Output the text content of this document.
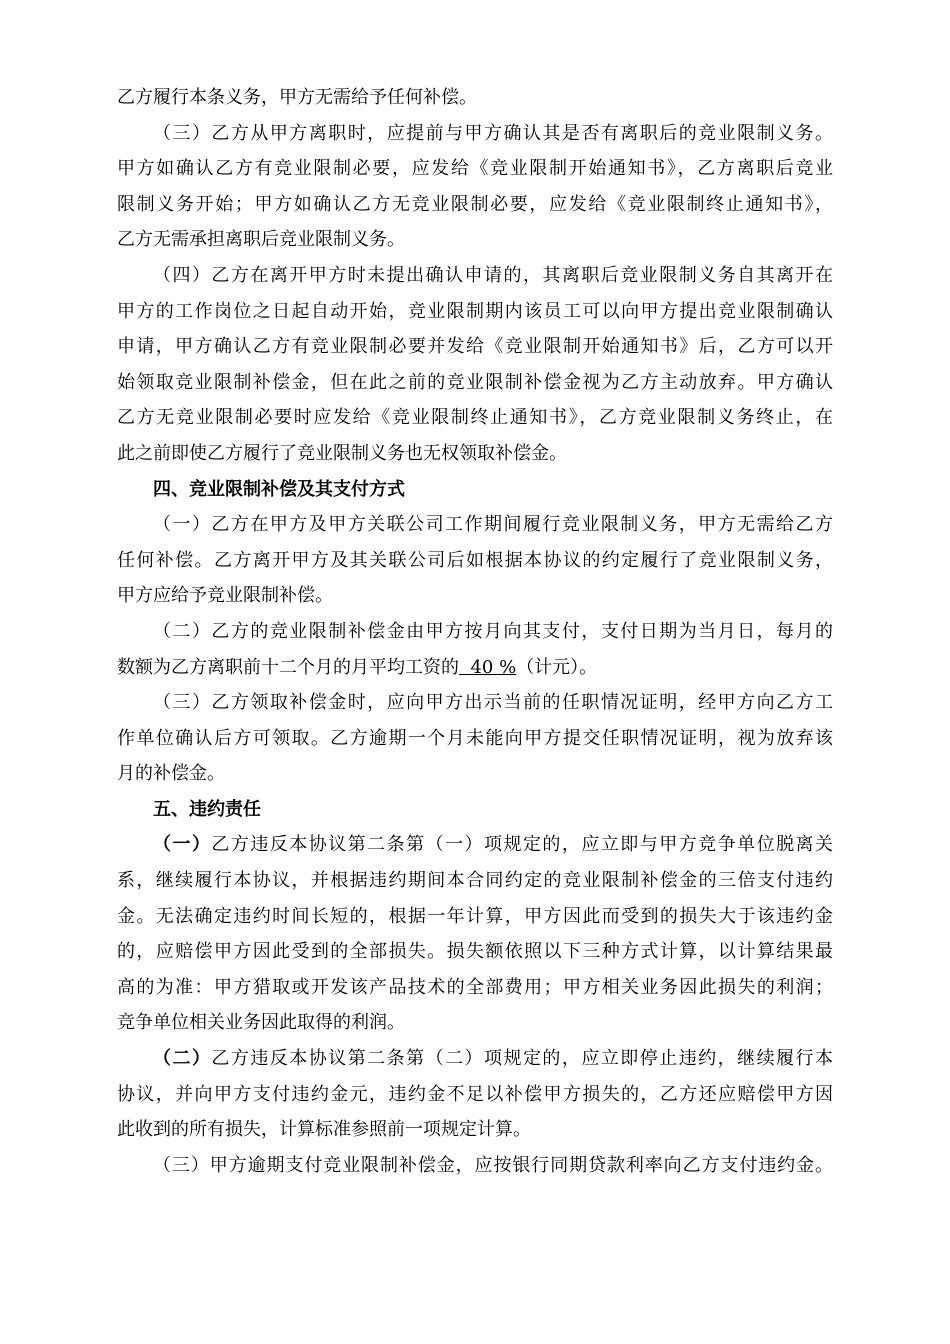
乙方履行本条义务，甲方无需给予任何补偿。
（三）乙方从甲方离职时，应提前与甲方确认其是否有离职后的竞业限制义务。
甲方如确认乙方有竞业限制必要，应发给《竞业限制开始通知书》，乙方离职后竞业
限制义务开始；甲方如确认乙方无竞业限制必要，应发给《竞业限制终止通知书》，
乙方无需承担离职后竞业限制义务。
（四）乙方在离开甲方时未提出确认申请的，其离职后竞业限制义务自其离开在
甲方的工作岗位之日起自动开始，竞业限制期内该员工可以向甲方提出竞业限制确认
申请，甲方确认乙方有竞业限制必要并发给《竞业限制开始通知书》后，乙方可以开
始领取竞业限制补偿金，但在此之前的竞业限制补偿金视为乙方主动放弃。甲方确认
乙方无竞业限制必要时应发给《竞业限制终止通知书》，乙方竞业限制义务终止，在
此之前即使乙方履行了竞业限制义务也无权领取补偿金。
四、竞业限制补偿及其支付方式
（一）乙方在甲方及甲方关联公司工作期间履行竞业限制义务，甲方无需给乙方
任何补偿。乙方离开甲方及其关联公司后如根据本协议的约定履行了竞业限制义务，
甲方应给予竞业限制补偿。
（二）乙方的竞业限制补偿金由甲方按月向其支付，支付日期为当月日，每月的
数额为乙方离职前十二个月的月平均工资的  40 %（计元）。
（三）乙方领取补偿金时，应向甲方出示当前的任职情况证明，经甲方向乙方工
作单位确认后方可领取。乙方逾期一个月未能向甲方提交任职情况证明，视为放弃该
月的补偿金。
五、违约责任
（一）乙方违反本协议第二条第（一）项规定的，应立即与甲方竞争单位脱离关
系，继续履行本协议，并根据违约期间本合同约定的竞业限制补偿金的三倍支付违约
金。无法确定违约时间长短的，根据一年计算，甲方因此而受到的损失大于该违约金
的，应赔偿甲方因此受到的全部损失。损失额依照以下三种方式计算，以计算结果最
高的为准：甲方猎取或开发该产品技术的全部费用；甲方相关业务因此损失的利润；
竞争单位相关业务因此取得的利润。
（二）乙方违反本协议第二条第（二）项规定的，应立即停止违约，继续履行本
协议，并向甲方支付违约金元，违约金不足以补偿甲方损失的，乙方还应赔偿甲方因
此收到的所有损失，计算标准参照前一项规定计算。
（三）甲方逾期支付竞业限制补偿金，应按银行同期贷款利率向乙方支付违约金。
